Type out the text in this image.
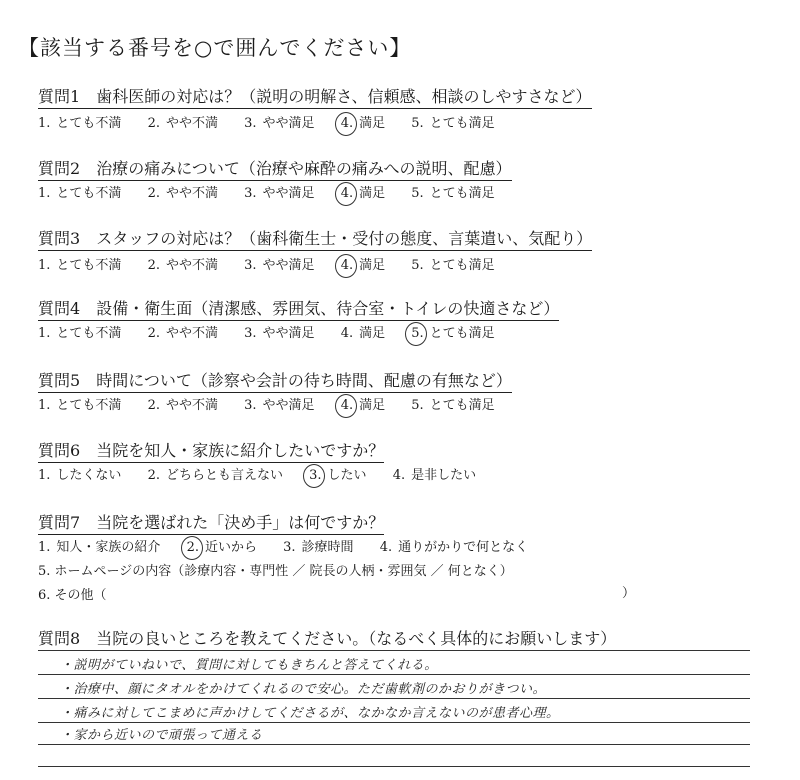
【該当する番号を○で囲んでください】
質問1 歯科医師の対応は？（説明の明解さ、信頼感、相談のしやすさなど）
1. とても不満 2. やや不満 3. やや満足 4. 満足 5. とても満足
質問2 治療の痛みについて（治療や麻酔の痛みへの説明、配慮）
1. とても不満 2. やや不満 3. やや満足 4. 満足 5. とても満足
質問3 スタッフの対応は？（歯科衛生士・受付の態度、言葉遣い、気配り）
1. とても不満 2. やや不満 3. やや満足 4. 満足 5. とても満足
質問4 設備・衛生面（清潔感、雰囲気、待合室・トイレの快適さなど）
1. とても不満 2. やや不満 3. やや満足 4. 満足 5. とても満足
質問5 時間について（診察や会計の待ち時間、配慮の有無など）
1. とても不満 2. やや不満 3. やや満足 4. 満足 5. とても満足
質問6 当院を知人・家族に紹介したいですか？
1. したくない 2. どちらとも言えない 3. したい 4. 是非したい
質問7 当院を選ばれた「決め手」は何ですか？
1. 知人・家族の紹介 2. 近いから 3. 診療時間 4. 通りがかりで何となく
5. ホームページの内容（診療内容・専門性 ／ 院長の人柄・雰囲気 ／ 何となく）
6. その他（	）
質問8 当院の良いところを教えてください。（なるべく具体的にお願いします）
・説明がていねいで、質問に対してもきちんと答えてくれる。
・治療中、顔にタオルをかけてくれるので安心。ただ歯軟剤のかおりがきつい。
・痛みに対してこまめに声かけしてくださるが、なかなか言えないのが患者心理。
・家から近いので頑張って通える
